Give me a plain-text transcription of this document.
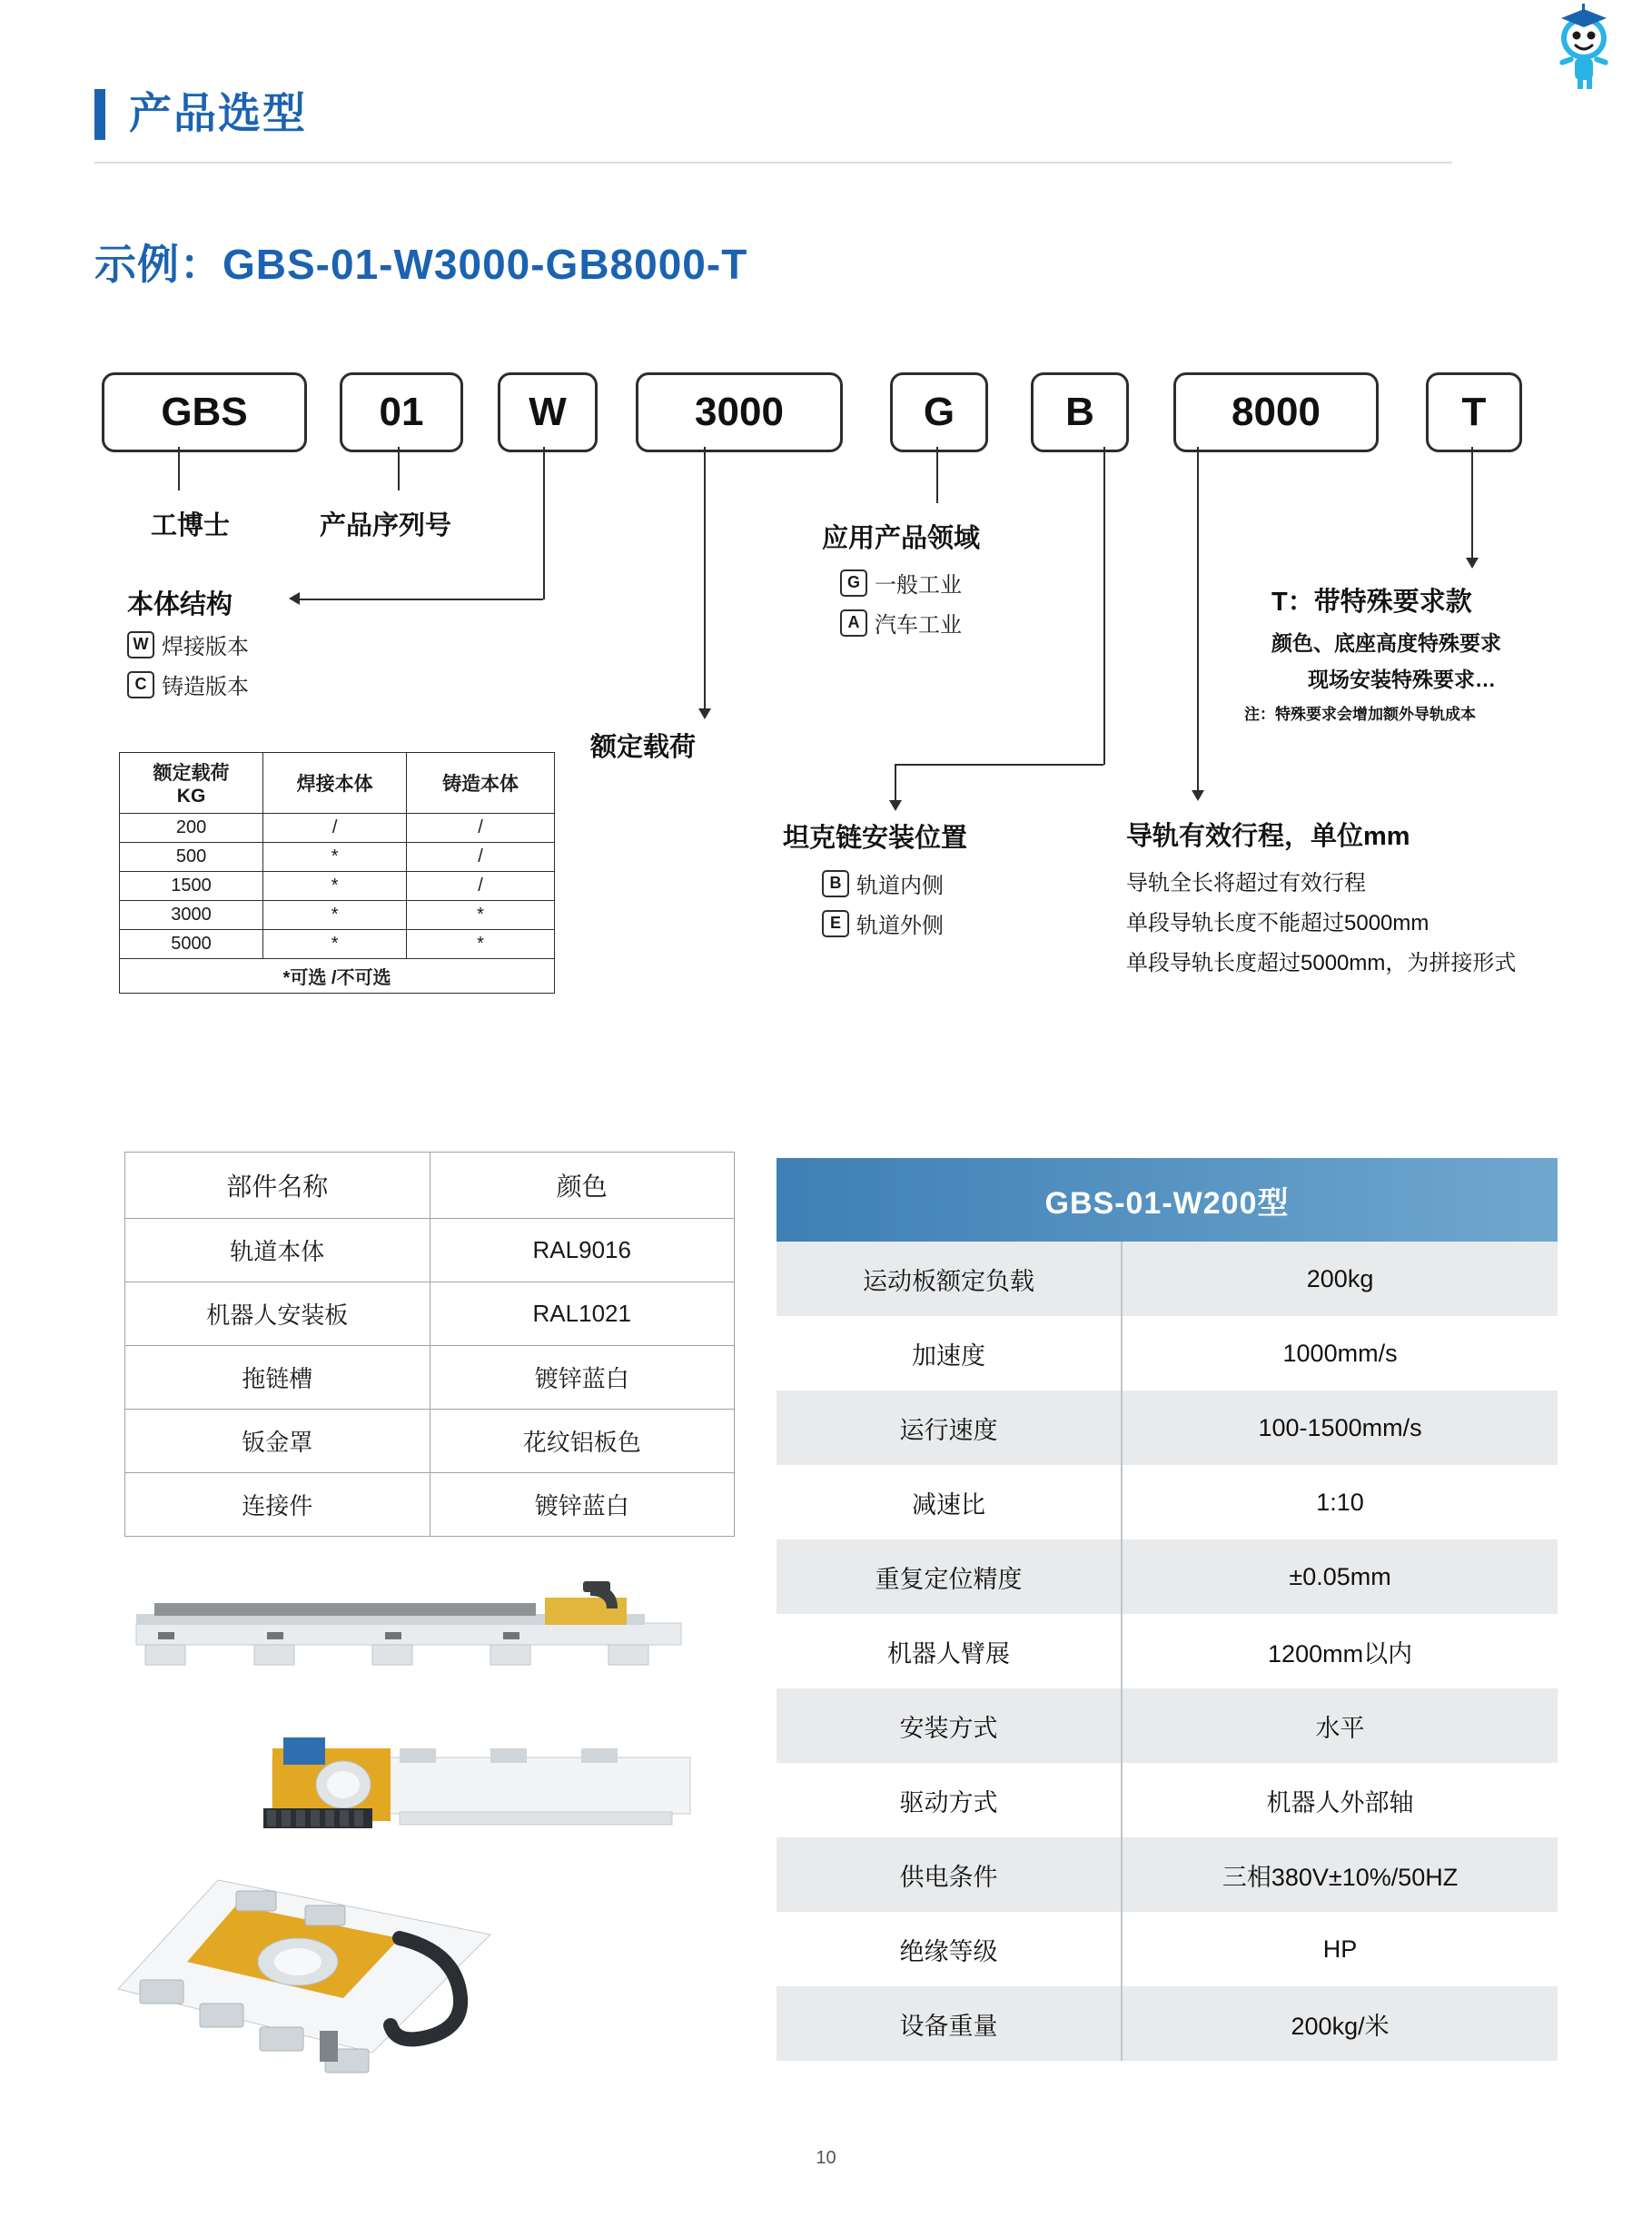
产品选型
示例：GBS-01-W3000-GB8000-T
GBS	01	W	3000	G	B	8000	T
工博士	产品序列号
本体结构
W 焊接版本
C 铸造版本
额定载荷
应用产品领域
G 一般工业
A 汽车工业
坦克链安装位置
B 轨道内侧
E 轨道外侧
导轨有效行程，单位mm
导轨全长将超过有效行程
单段导轨长度不能超过5000mm
单段导轨长度超过5000mm，为拼接形式
T：带特殊要求款
颜色、底座高度特殊要求
现场安装特殊要求…
注：特殊要求会增加额外导轨成本
额定载荷
KG	焊接本体	铸造本体
200	/	/
500	*	/
1500	*	/
3000	*	*
5000	*	*
*可选 /不可选		
部件名称	颜色
轨道本体	RAL9016
机器人安装板	RAL1021
拖链槽	镀锌蓝白
钣金罩	花纹铝板色
连接件	镀锌蓝白
GBS-01-W200型
运动板额定负载	200kg
加速度	1000mm/s
运行速度	100-1500mm/s
减速比	1:10
重复定位精度	±0.05mm
机器人臂展	1200mm以内
安装方式	水平
驱动方式	机器人外部轴
供电条件	三相380V±10%/50HZ
绝缘等级	HP
设备重量	200kg/米
10
